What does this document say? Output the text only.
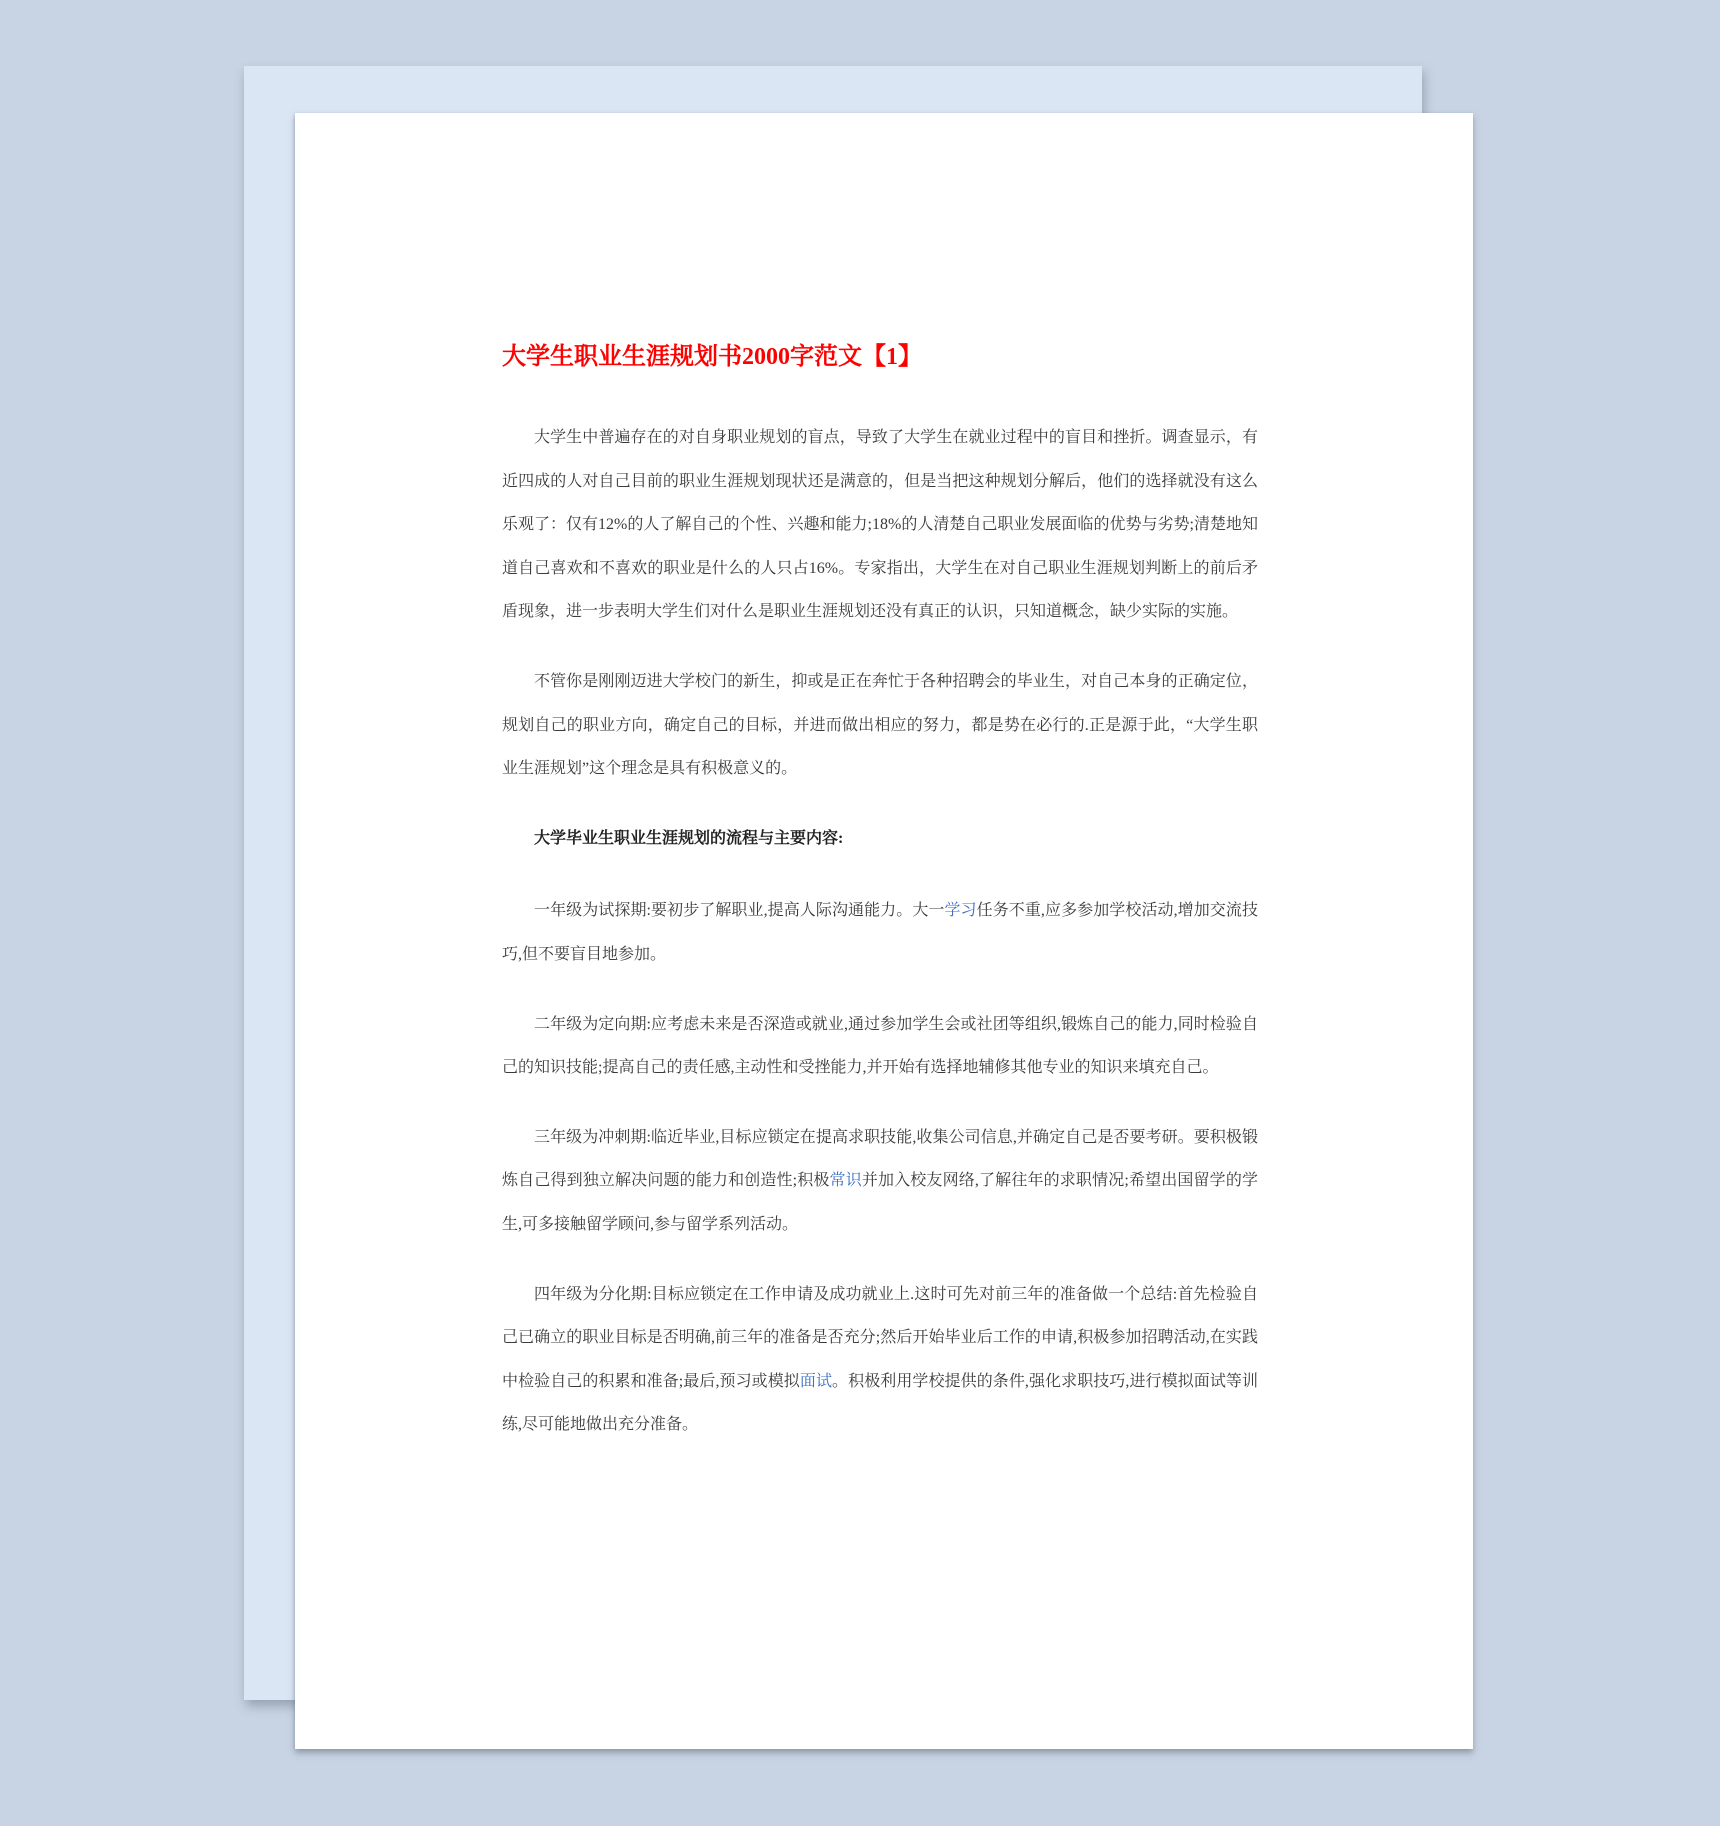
大学生职业生涯规划书2000字范文【1】

大学生中普遍存在的对自身职业规划的盲点，导致了大学生在就业过程中的盲目和挫折。调查显示，有近四成的人对自己目前的职业生涯规划现状还是满意的，但是当把这种规划分解后，他们的选择就没有这么乐观了：仅有12%的人了解自己的个性、兴趣和能力;18%的人清楚自己职业发展面临的优势与劣势;清楚地知道自己喜欢和不喜欢的职业是什么的人只占16%。专家指出，大学生在对自己职业生涯规划判断上的前后矛盾现象，进一步表明大学生们对什么是职业生涯规划还没有真正的认识，只知道概念，缺少实际的实施。

不管你是刚刚迈进大学校门的新生，抑或是正在奔忙于各种招聘会的毕业生，对自己本身的正确定位，规划自己的职业方向，确定自己的目标，并进而做出相应的努力，都是势在必行的.正是源于此，“大学生职业生涯规划”这个理念是具有积极意义的。

大学毕业生职业生涯规划的流程与主要内容:

一年级为试探期:要初步了解职业,提高人际沟通能力。大一学习任务不重,应多参加学校活动,增加交流技巧,但不要盲目地参加。

二年级为定向期:应考虑未来是否深造或就业,通过参加学生会或社团等组织,锻炼自己的能力,同时检验自己的知识技能;提高自己的责任感,主动性和受挫能力,并开始有选择地辅修其他专业的知识来填充自己。

三年级为冲刺期:临近毕业,目标应锁定在提高求职技能,收集公司信息,并确定自己是否要考研。要积极锻炼自己得到独立解决问题的能力和创造性;积极常识并加入校友网络,了解往年的求职情况;希望出国留学的学生,可多接触留学顾问,参与留学系列活动。

四年级为分化期:目标应锁定在工作申请及成功就业上.这时可先对前三年的准备做一个总结:首先检验自己已确立的职业目标是否明确,前三年的准备是否充分;然后开始毕业后工作的申请,积极参加招聘活动,在实践中检验自己的积累和准备;最后,预习或模拟面试。积极利用学校提供的条件,强化求职技巧,进行模拟面试等训练,尽可能地做出充分准备。
